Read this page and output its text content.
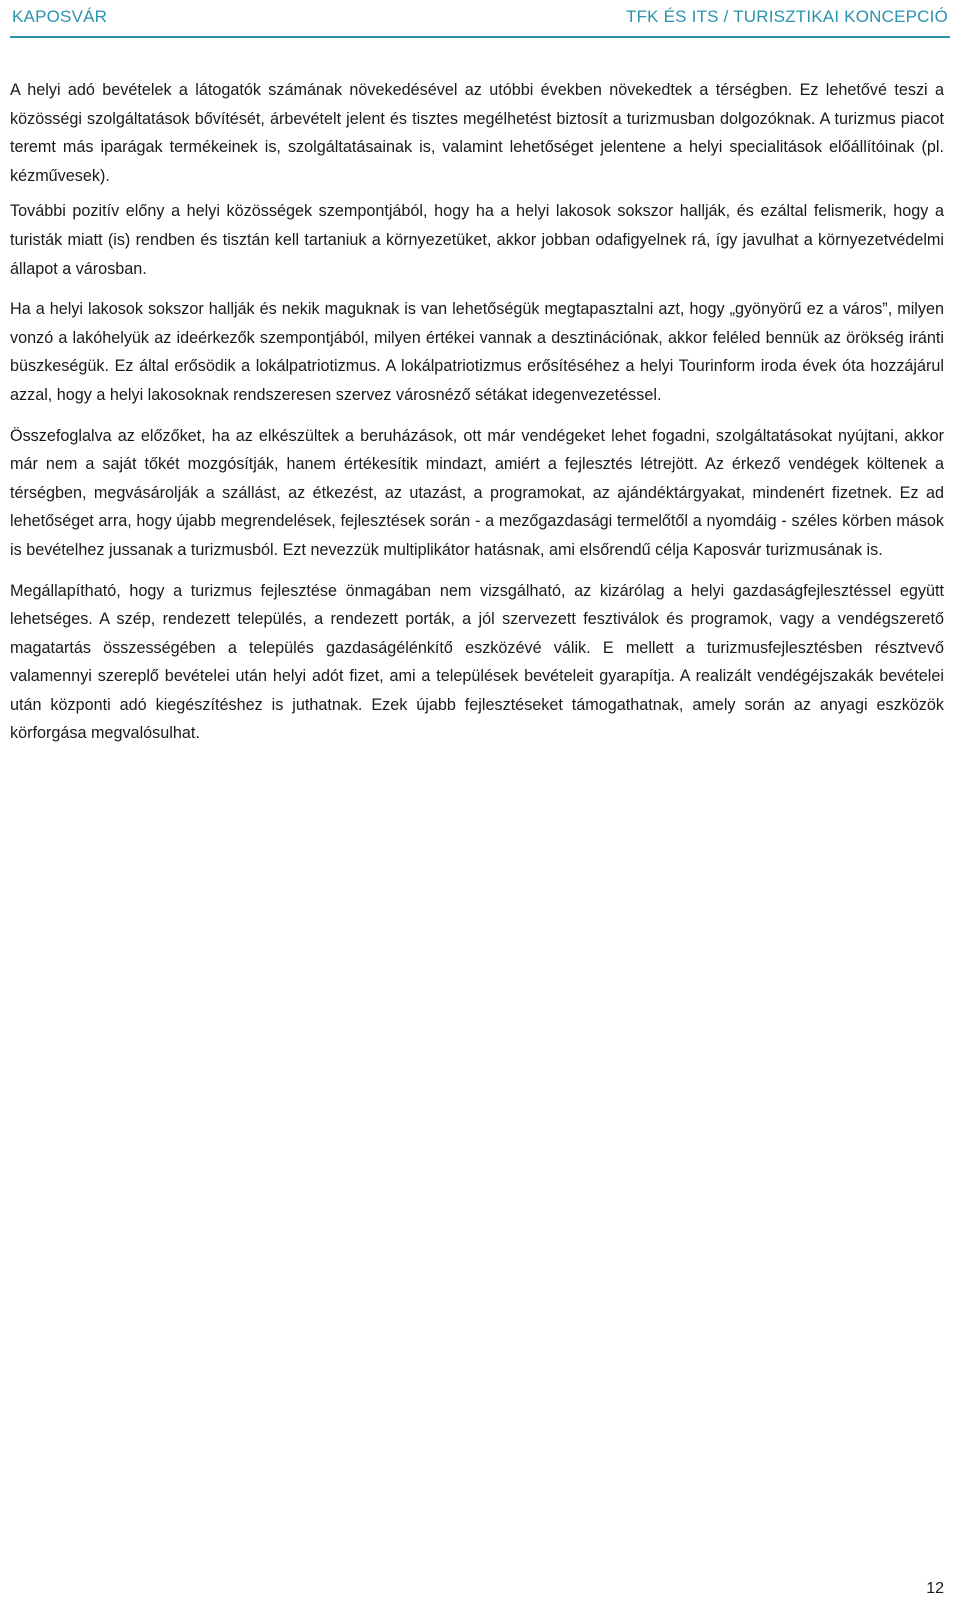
KAPOSVÁR	TFK ÉS ITS / TURISZTIKAI KONCEPCIÓ

A helyi adó bevételek a látogatók számának növekedésével az utóbbi években növekedtek a térségben. Ez lehetővé teszi a közösségi szolgáltatások bővítését, árbevételt jelent és tisztes megélhetést biztosít a turizmusban dolgozóknak. A turizmus piacot teremt más iparágak termékeinek is, szolgáltatásainak is, valamint lehetőséget jelentene a helyi specialitások előállítóinak (pl. kézművesek).

További pozitív előny a helyi közösségek szempontjából, hogy ha a helyi lakosok sokszor hallják, és ezáltal felismerik, hogy a turisták miatt (is) rendben és tisztán kell tartaniuk a környezetüket, akkor jobban odafigyelnek rá, így javulhat a környezetvédelmi állapot a városban.

Ha a helyi lakosok sokszor hallják és nekik maguknak is van lehetőségük megtapasztalni azt, hogy „gyönyörű ez a város”, milyen vonzó a lakóhelyük az ideérkezők szempontjából, milyen értékei vannak a desztinációnak, akkor feléled bennük az örökség iránti büszkeségük. Ez által erősödik a lokálpatriotizmus. A lokálpatriotizmus erősítéséhez a helyi Tourinform iroda évek óta hozzájárul azzal, hogy a helyi lakosoknak rendszeresen szervez városnéző sétákat idegenvezetéssel.

Összefoglalva az előzőket, ha az elkészültek a beruházások, ott már vendégeket lehet fogadni, szolgáltatásokat nyújtani, akkor már nem a saját tőkét mozgósítják, hanem értékesítik mindazt, amiért a fejlesztés létrejött. Az érkező vendégek költenek a térségben, megvásárolják a szállást, az étkezést, az utazást, a programokat, az ajándéktárgyakat, mindenért fizetnek. Ez ad lehetőséget arra, hogy újabb megrendelések, fejlesztések során - a mezőgazdasági termelőtől a nyomdáig - széles körben mások is bevételhez jussanak a turizmusból. Ezt nevezzük multiplikátor hatásnak, ami elsőrendű célja Kaposvár turizmusának is.

Megállapítható, hogy a turizmus fejlesztése önmagában nem vizsgálható, az kizárólag a helyi gazdaságfejlesztéssel együtt lehetséges. A szép, rendezett település, a rendezett porták, a jól szervezett fesztiválok és programok, vagy a vendégszerető magatartás összességében a település gazdaságélénkítő eszközévé válik. E mellett a turizmusfejlesztésben résztvevő valamennyi szereplő bevételei után helyi adót fizet, ami a települések bevételeit gyarapítja. A realizált vendégéjszakák bevételei után központi adó kiegészítéshez is juthatnak. Ezek újabb fejlesztéseket támogathatnak, amely során az anyagi eszközök körforgása megvalósulhat.

12
